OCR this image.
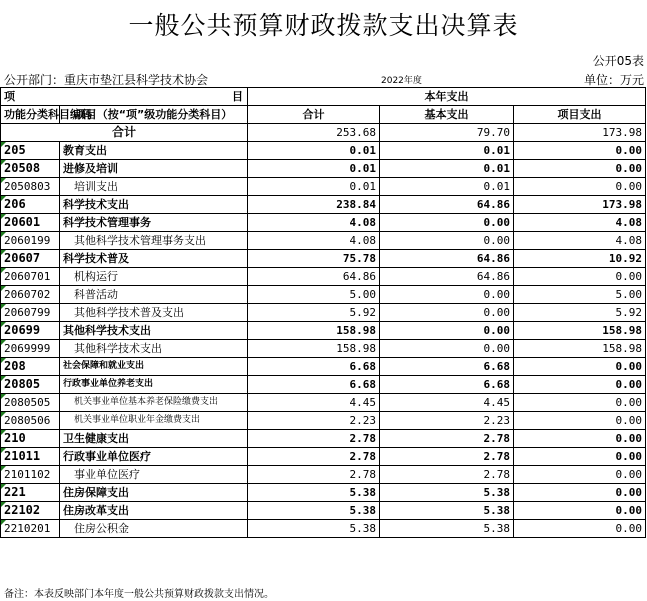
一般公共预算财政拨款支出决算表
公开05表
公开部门：重庆市垫江县科学技术协会	2022年度	单位：万元
项 目		本年支出		
功能分类科目编码	项目（按“项”级功能分类科目）	合计	基本支出	项目支出
合计		253.68	79.70	173.98
205	教育支出	0.01	0.01	0.00
20508	进修及培训	0.01	0.01	0.00
2050803	培训支出	0.01	0.01	0.00
206	科学技术支出	238.84	64.86	173.98
20601	科学技术管理事务	4.08	0.00	4.08
2060199	其他科学技术管理事务支出	4.08	0.00	4.08
20607	科学技术普及	75.78	64.86	10.92
2060701	机构运行	64.86	64.86	0.00
2060702	科普活动	5.00	0.00	5.00
2060799	其他科学技术普及支出	5.92	0.00	5.92
20699	其他科学技术支出	158.98	0.00	158.98
2069999	其他科学技术支出	158.98	0.00	158.98
208	社会保障和就业支出	6.68	6.68	0.00
20805	行政事业单位养老支出	6.68	6.68	0.00
2080505	机关事业单位基本养老保险缴费支出	4.45	4.45	0.00
2080506	机关事业单位职业年金缴费支出	2.23	2.23	0.00
210	卫生健康支出	2.78	2.78	0.00
21011	行政事业单位医疗	2.78	2.78	0.00
2101102	事业单位医疗	2.78	2.78	0.00
221	住房保障支出	5.38	5.38	0.00
22102	住房改革支出	5.38	5.38	0.00
2210201	住房公积金	5.38	5.38	0.00
备注：本表反映部门本年度一般公共预算财政拨款支出情况。
